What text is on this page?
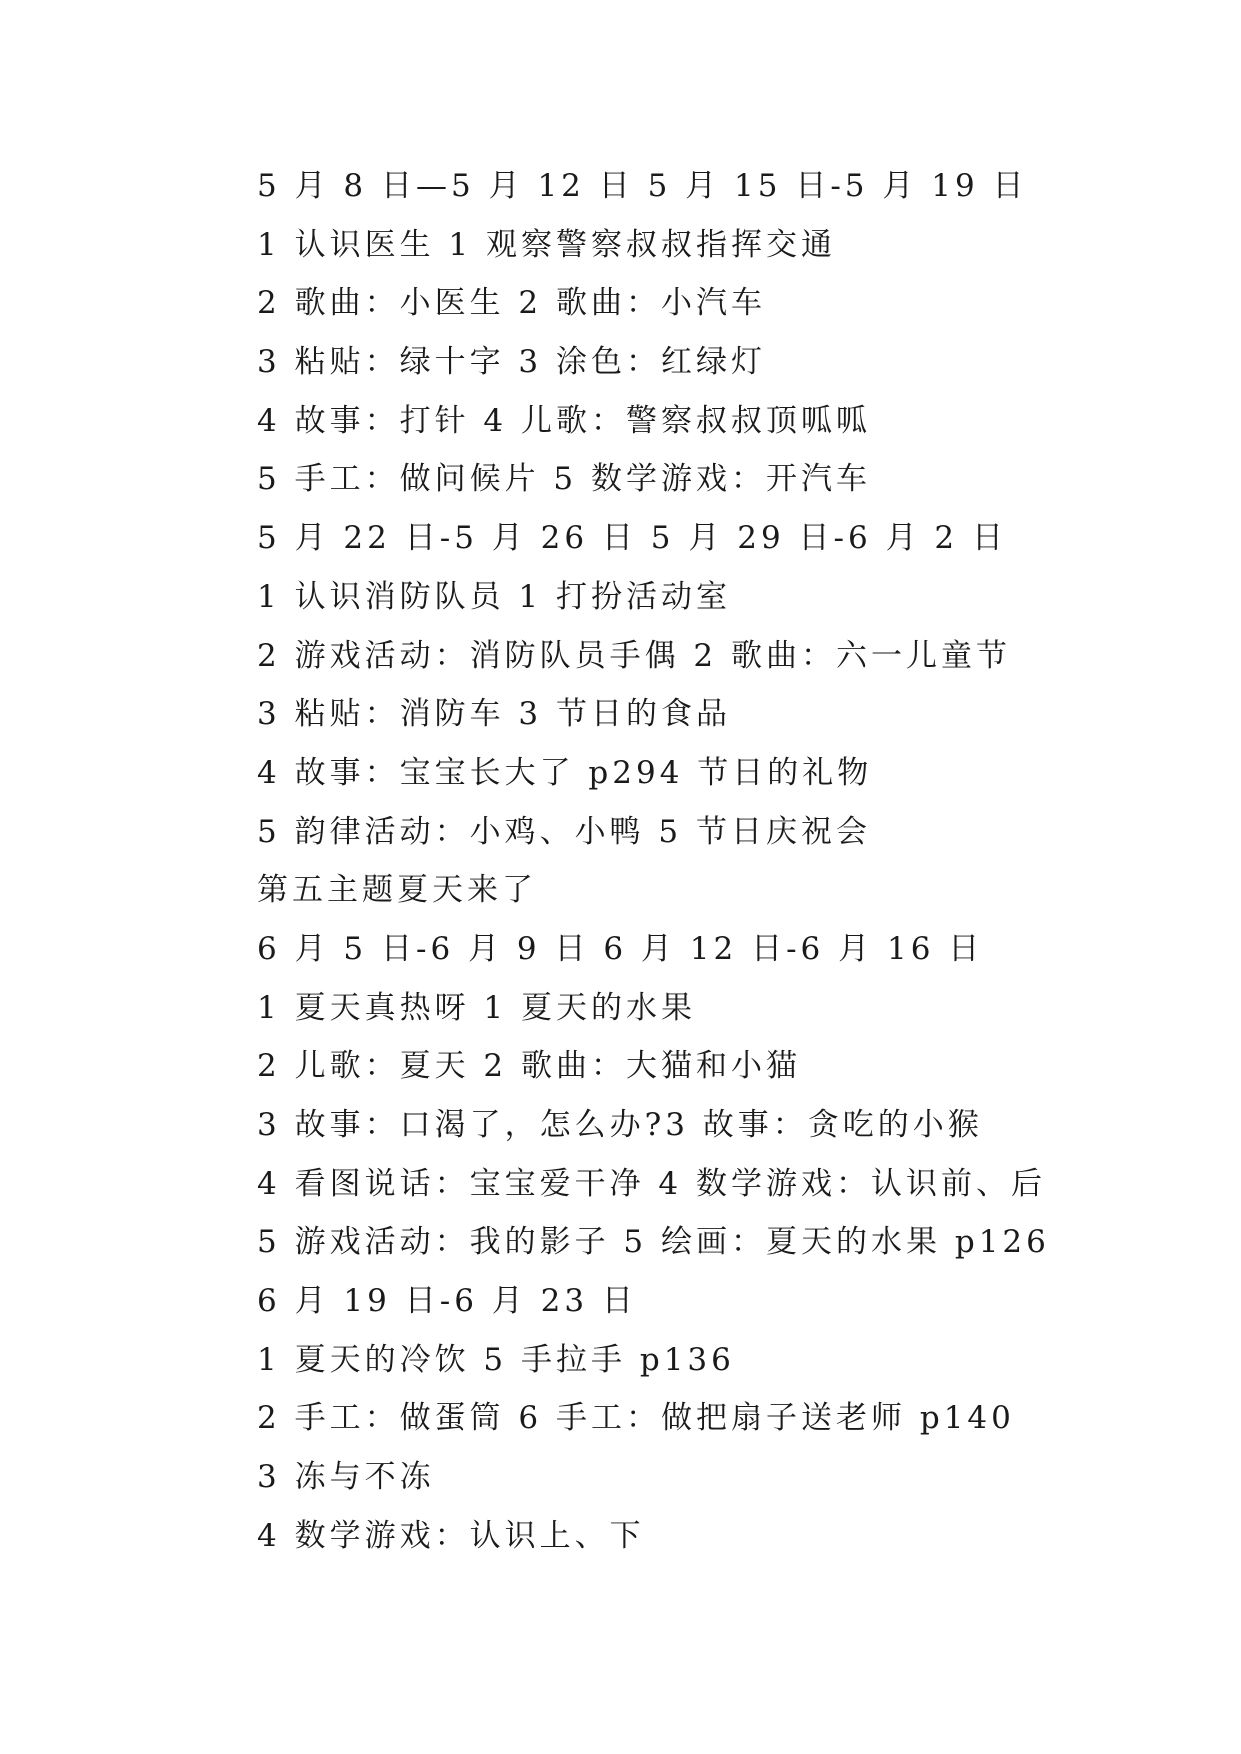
5 月 8 日—5 月 12 日 5 月 15 日-5 月 19 日
1 认识医生 1 观察警察叔叔指挥交通
2 歌曲：小医生 2 歌曲：小汽车
3 粘贴：绿十字 3 涂色：红绿灯
4 故事：打针 4 儿歌：警察叔叔顶呱呱
5 手工：做问候片 5 数学游戏：开汽车
5 月 22 日-5 月 26 日 5 月 29 日-6 月 2 日
1 认识消防队员 1 打扮活动室
2 游戏活动：消防队员手偶 2 歌曲：六一儿童节
3 粘贴：消防车 3 节日的食品
4 故事：宝宝长大了 p294 节日的礼物
5 韵律活动：小鸡、小鸭 5 节日庆祝会
第五主题夏天来了
6 月 5 日-6 月 9 日 6 月 12 日-6 月 16 日
1 夏天真热呀 1 夏天的水果
2 儿歌：夏天 2 歌曲：大猫和小猫
3 故事：口渴了，怎么办?3 故事：贪吃的小猴
4 看图说话：宝宝爱干净 4 数学游戏：认识前、后
5 游戏活动：我的影子 5 绘画：夏天的水果 p126
6 月 19 日-6 月 23 日
1 夏天的冷饮 5 手拉手 p136
2 手工：做蛋筒 6 手工：做把扇子送老师 p140
3 冻与不冻
4 数学游戏：认识上、下
